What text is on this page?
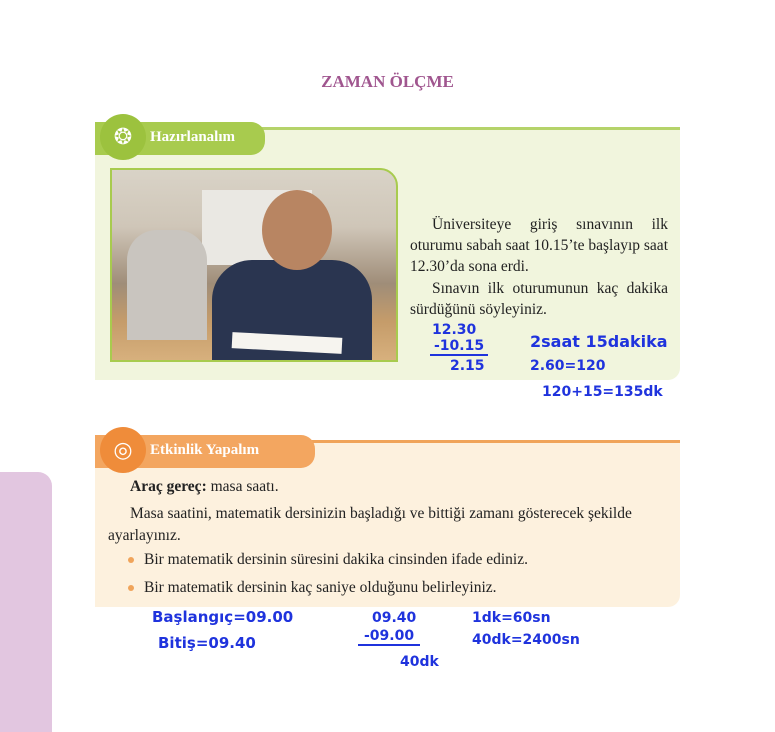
ZAMAN ÖLÇME
Hazırlanalım
❂
Üniversiteye giriş sınavının ilk oturumu sabah saat 10.15’te başlayıp saat 12.30’da sona erdi.
Sınavın ilk oturumunun kaç dakika sürdüğünü söyleyiniz.
12.30
-10.15
2.15
2saat 15dakika
2.60=120
120+15=135dk
Etkinlik Yapalım
◎
Araç gereç: masa saatı.
Masa saatini, matematik dersinizin başladığı ve bittiği zamanı gösterecek şekilde ayarlayınız.
Bir matematik dersinin süresini dakika cinsinden ifade ediniz.
Bir matematik dersinin kaç saniye olduğunu belirleyiniz.
Başlangıç=09.00
Bitiş=09.40
09.40
-09.00
40dk
1dk=60sn
40dk=2400sn
